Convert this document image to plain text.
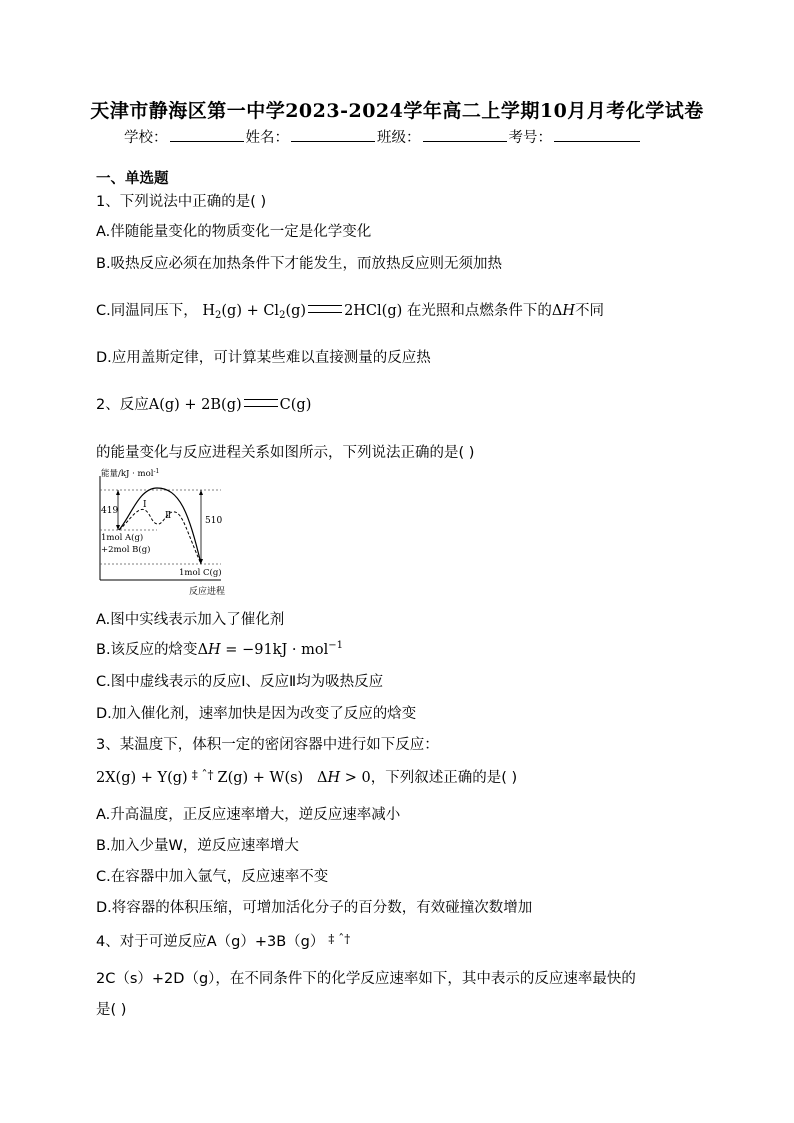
天津市静海区第一中学2023-2024学年高二上学期10月月考化学试卷
学校：	姓名：	班级：	考号：
一、单选题
1、下列说法中正确的是( )
A.伴随能量变化的物质变化一定是化学变化
B.吸热反应必须在加热条件下才能发生，而放热反应则无须加热
C.同温同压下， $H_2(g) + Cl_2(g)$	2HCl(g) 在光照和点燃条件下的ΔH不同
D.应用盖斯定律，可计算某些难以直接测量的反应热
2、反应A(g) + 2B(g)	C(g)
的能量变化与反应进程关系如图所示，下列说法正确的是( )
能量/kJ · mol$^{-1}$
反应进程
419
510
Ⅰ
Ⅱ
1mol A(g)
+2mol B(g)
1mol C(g)
A.图中实线表示加入了催化剂
B.该反应的焓变ΔH = −91kJ · mol$^{-1}$
C.图中虚线表示的反应Ⅰ、反应Ⅱ均为吸热反应
D.加入催化剂，速率加快是因为改变了反应的焓变
3、某温度下，体积一定的密闭容器中进行如下反应：
2X(g) + Y(g) ‡ ˆ† Z(g) + W(s)   ΔH > 0，下列叙述正确的是( )
A.升高温度，正反应速率增大，逆反应速率减小
B.加入少量W，逆反应速率增大
C.在容器中加入氩气，反应速率不变
D.将容器的体积压缩，可增加活化分子的百分数，有效碰撞次数增加
4、对于可逆反应A（g）+3B（g） ‡ ˆ†
2C（s）+2D（g），在不同条件下的化学反应速率如下，其中表示的反应速率最快的
是( )
